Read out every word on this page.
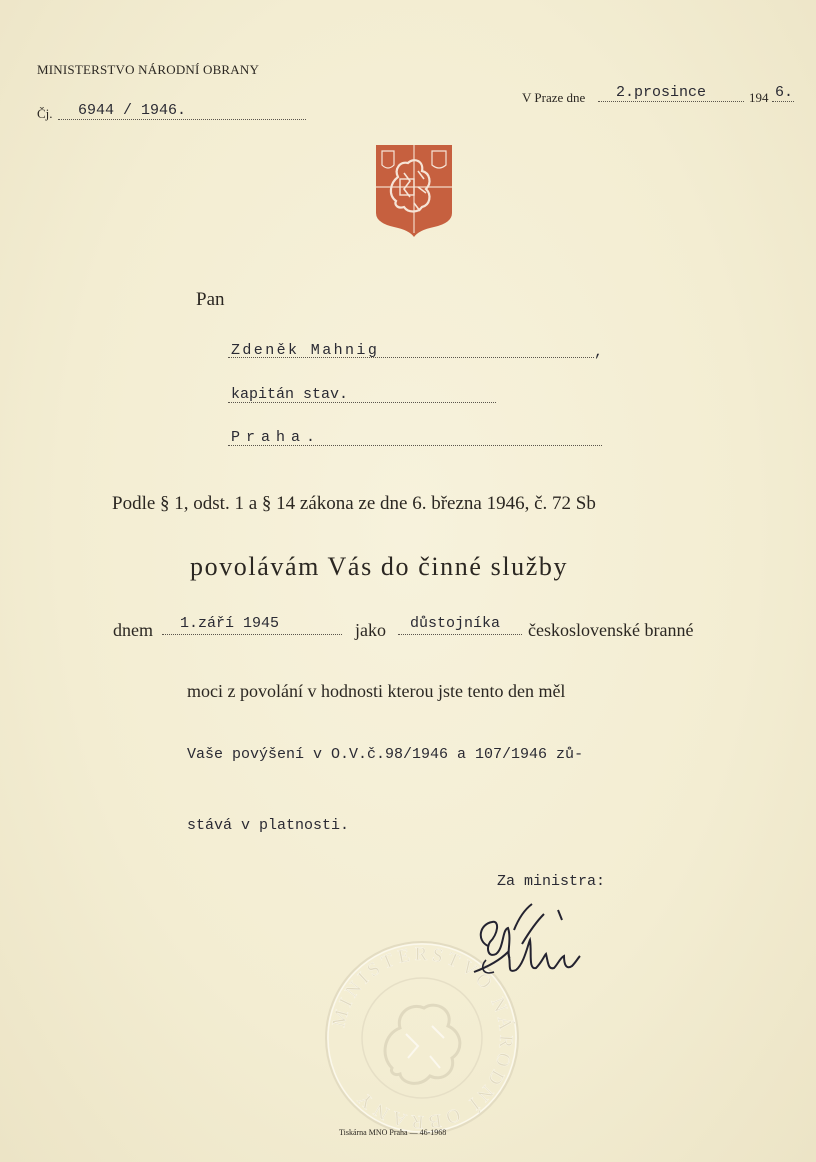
MINISTERSTVO NÁRODNÍ OBRANY
Čj. 6944 / 1946.
V Praze dne 2.prosince	194 6.
Pan
Zdeněk Mahnig	,
kapitán stav.
Praha.
Podle § 1, odst. 1 a § 14 zákona ze dne 6. března 1946, č. 72 Sb
povolávám Vás do činné služby
dnem 1.září 1945	jako důstojníka československé branné
moci z povolání v hodnosti kterou jste tento den měl
Vaše povýšení v O.V.č.98/1946 a 107/1946 zů-
stává v platnosti.
Za ministra:
MINISTERSTVO NÁRODNÍ OBRANY
Tiskárna MNO Praha — 46-1968
